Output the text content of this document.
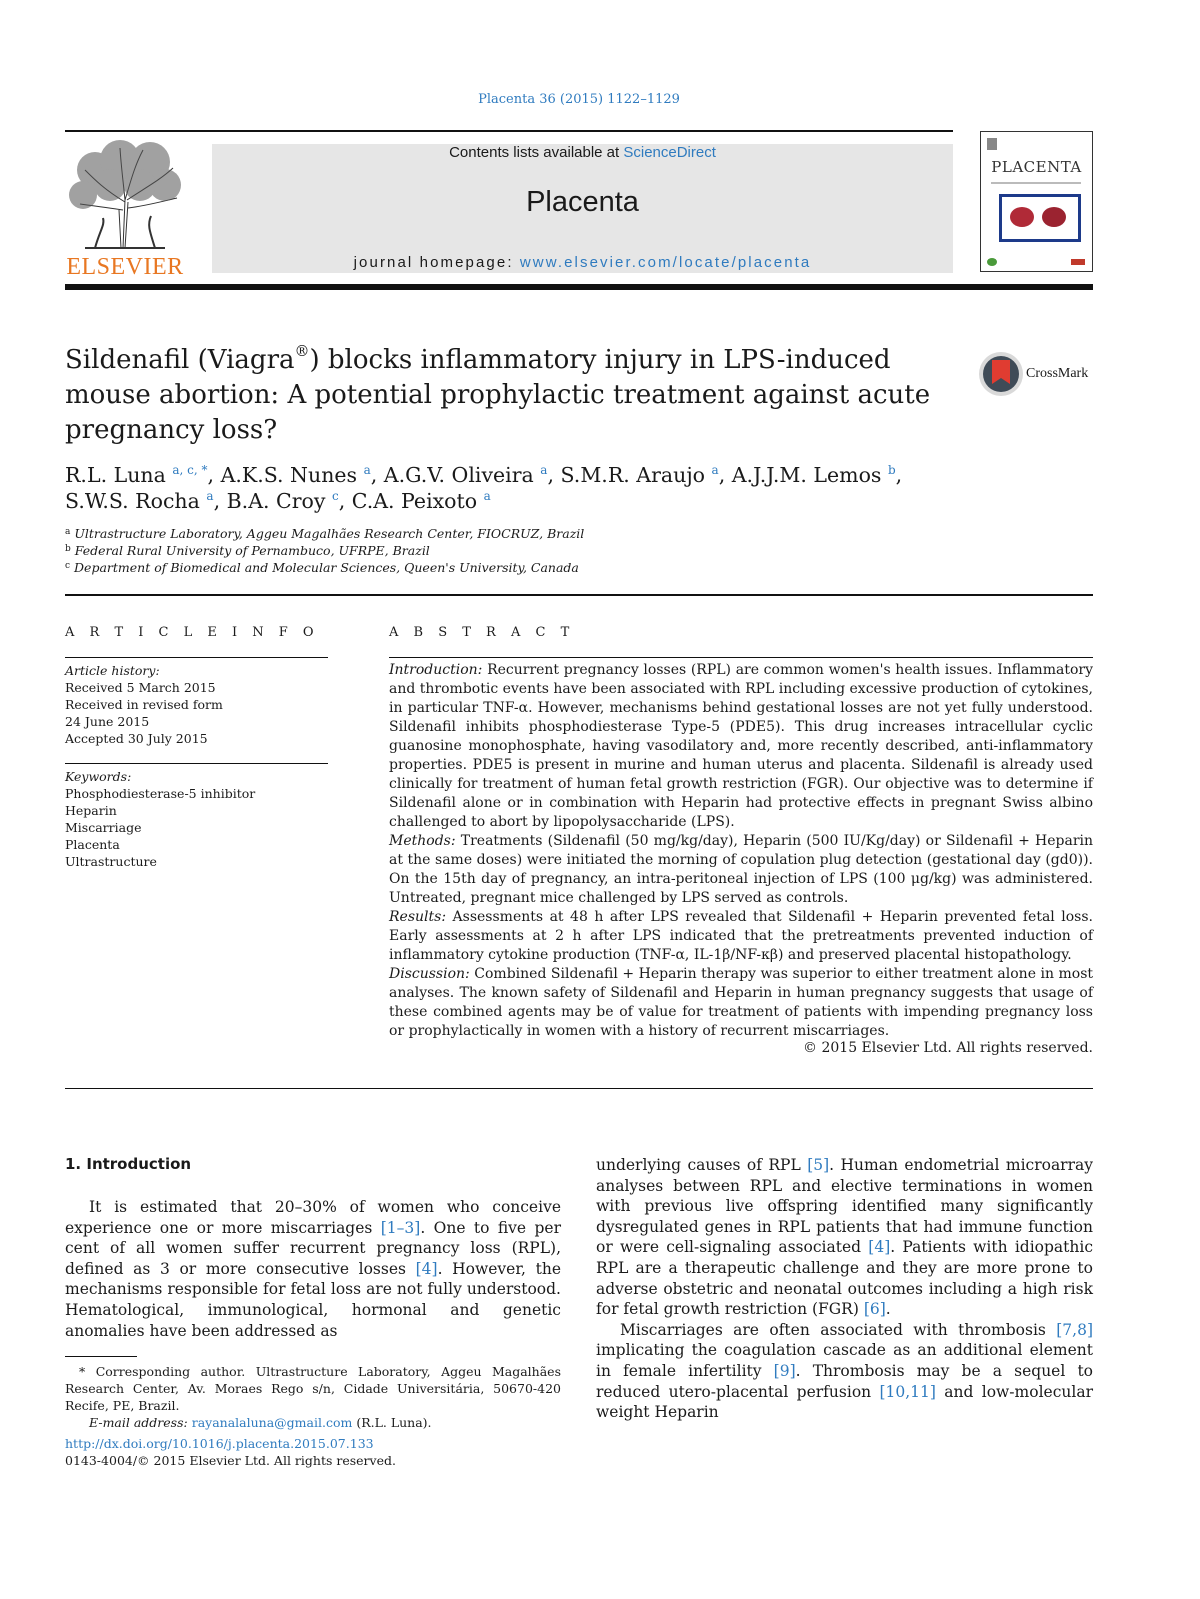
Placenta 36 (2015) 1122–1129
ELSEVIER
Contents lists available at ScienceDirect
Placenta
journal homepage: www.elsevier.com/locate/placenta
PLACENTA
Sildenafil (Viagra®) blocks inflammatory injury in LPS-induced mouse abortion: A potential prophylactic treatment against acute pregnancy loss?
CrossMark
R.L. Luna $^{a, c, *}$, A.K.S. Nunes $^a$, A.G.V. Oliveira $^a$, S.M.R. Araujo $^a$, A.J.J.M. Lemos $^b$,
S.W.S. Rocha $^a$, B.A. Croy $^c$, C.A. Peixoto $^a$
$^a$ Ultrastructure Laboratory, Aggeu Magalhães Research Center, FIOCRUZ, Brazil
$^b$ Federal Rural University of Pernambuco, UFRPE, Brazil
$^c$ Department of Biomedical and Molecular Sciences, Queen's University, Canada
A R T I C L E I N F O
Article history:
Received 5 March 2015
Received in revised form
24 June 2015
Accepted 30 July 2015
Keywords:
Phosphodiesterase-5 inhibitor
Heparin
Miscarriage
Placenta
Ultrastructure
A B S T R A C T

Introduction: Recurrent pregnancy losses (RPL) are common women's health issues. Inflammatory and thrombotic events have been associated with RPL including excessive production of cytokines, in particular TNF-α. However, mechanisms behind gestational losses are not yet fully understood. Sildenafil inhibits phosphodiesterase Type-5 (PDE5). This drug increases intracellular cyclic guanosine monophosphate, having vasodilatory and, more recently described, anti-inflammatory properties. PDE5 is present in murine and human uterus and placenta. Sildenafil is already used clinically for treatment of human fetal growth restriction (FGR). Our objective was to determine if Sildenafil alone or in combination with Heparin had protective effects in pregnant Swiss albino challenged to abort by lipopolysaccharide (LPS).

Methods: Treatments (Sildenafil (50 mg/kg/day), Heparin (500 IU/Kg/day) or Sildenafil + Heparin at the same doses) were initiated the morning of copulation plug detection (gestational day (gd0)). On the 15th day of pregnancy, an intra-peritoneal injection of LPS (100 μg/kg) was administered. Untreated, pregnant mice challenged by LPS served as controls.

Results: Assessments at 48 h after LPS revealed that Sildenafil + Heparin prevented fetal loss. Early assessments at 2 h after LPS indicated that the pretreatments prevented induction of inflammatory cytokine production (TNF-α, IL-1β/NF-κβ) and preserved placental histopathology.

Discussion: Combined Sildenafil + Heparin therapy was superior to either treatment alone in most analyses. The known safety of Sildenafil and Heparin in human pregnancy suggests that usage of these combined agents may be of value for treatment of patients with impending pregnancy loss or prophylactically in women with a history of recurrent miscarriages.

© 2015 Elsevier Ltd. All rights reserved.
1. Introduction

It is estimated that 20–30% of women who conceive experience one or more miscarriages [1–3]. One to five per cent of all women suffer recurrent pregnancy loss (RPL), defined as 3 or more consecutive losses [4]. However, the mechanisms responsible for fetal loss are not fully understood. Hematological, immunological, hormonal and genetic anomalies have been addressed as

underlying causes of RPL [5]. Human endometrial microarray analyses between RPL and elective terminations in women with previous live offspring identified many significantly dysregulated genes in RPL patients that had immune function or were cell-signaling associated [4]. Patients with idiopathic RPL are a therapeutic challenge and they are more prone to adverse obstetric and neonatal outcomes including a high risk for fetal growth restriction (FGR) [6].

Miscarriages are often associated with thrombosis [7,8] implicating the coagulation cascade as an additional element in female infertility [9]. Thrombosis may be a sequel to reduced utero-placental perfusion [10,11] and low-molecular weight Heparin

* Corresponding author. Ultrastructure Laboratory, Aggeu Magalhães Research Center, Av. Moraes Rego s/n, Cidade Universitária, 50670-420 Recife, PE, Brazil.
E-mail address: rayanalaluna@gmail.com (R.L. Luna).
http://dx.doi.org/10.1016/j.placenta.2015.07.133
0143-4004/© 2015 Elsevier Ltd. All rights reserved.
